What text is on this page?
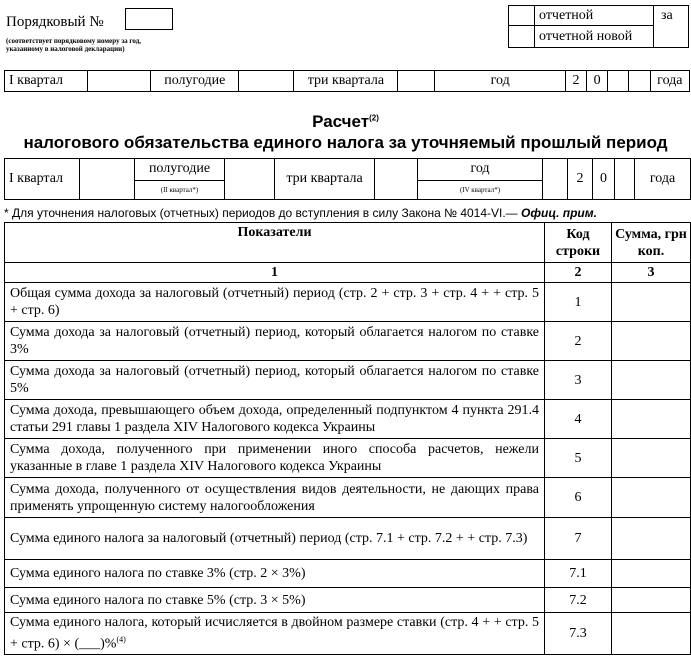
Порядковый №
(соответствует порядковому номеру за год,
указанному в налоговой декларации)
отчетной
отчетной новой
за
I квартал		полугодие		три квартала		год	2	0			года
Расчет$^{(2)}$
налогового обязательства единого налога за уточняемый прошлый период
I квартал		полугодие		три квартала		год		2	0		года
		(II квартал*)				(IV квартал*)					
* Для уточнения налоговых (отчетных) периодов до вступления в силу Закона № 4014-VI.— Офиц. прим.
Показатели	Код строки	Сумма, грн коп.
1	2	3
Общая сумма дохода за налоговый (отчетный) период (стр. 2 + стр. 3 + стр. 4 + + стр. 5 + стр. 6)	1	
Сумма дохода за налоговый (отчетный) период, который облагается налогом по ставке 3%	2	
Сумма дохода за налоговый (отчетный) период, который облагается налогом по ставке 5%	3	
Сумма дохода, превышающего объем дохода, определенный подпунктом 4 пункта 291.4 статьи 291 главы 1 раздела XIV Налогового кодекса Украины	4	
Сумма дохода, полученного при применении иного способа расчетов, нежели указанные в главе 1 раздела XIV Налогового кодекса Украины	5	
Сумма дохода, полученного от осуществления видов деятельности, не дающих права применять упрощенную систему налогообложения	6	
Сумма единого налога за налоговый (отчетный) период (стр. 7.1 + стр. 7.2 + + стр. 7.3)	7	
Сумма единого налога по ставке 3% (стр. 2 × 3%)	7.1	
Сумма единого налога по ставке 5% (стр. 3 × 5%)	7.2	
Сумма единого налога, который исчисляется в двойном размере ставки (стр. 4 + + стр. 5 + стр. 6) × (___)%$^{(4)}$	7.3	
